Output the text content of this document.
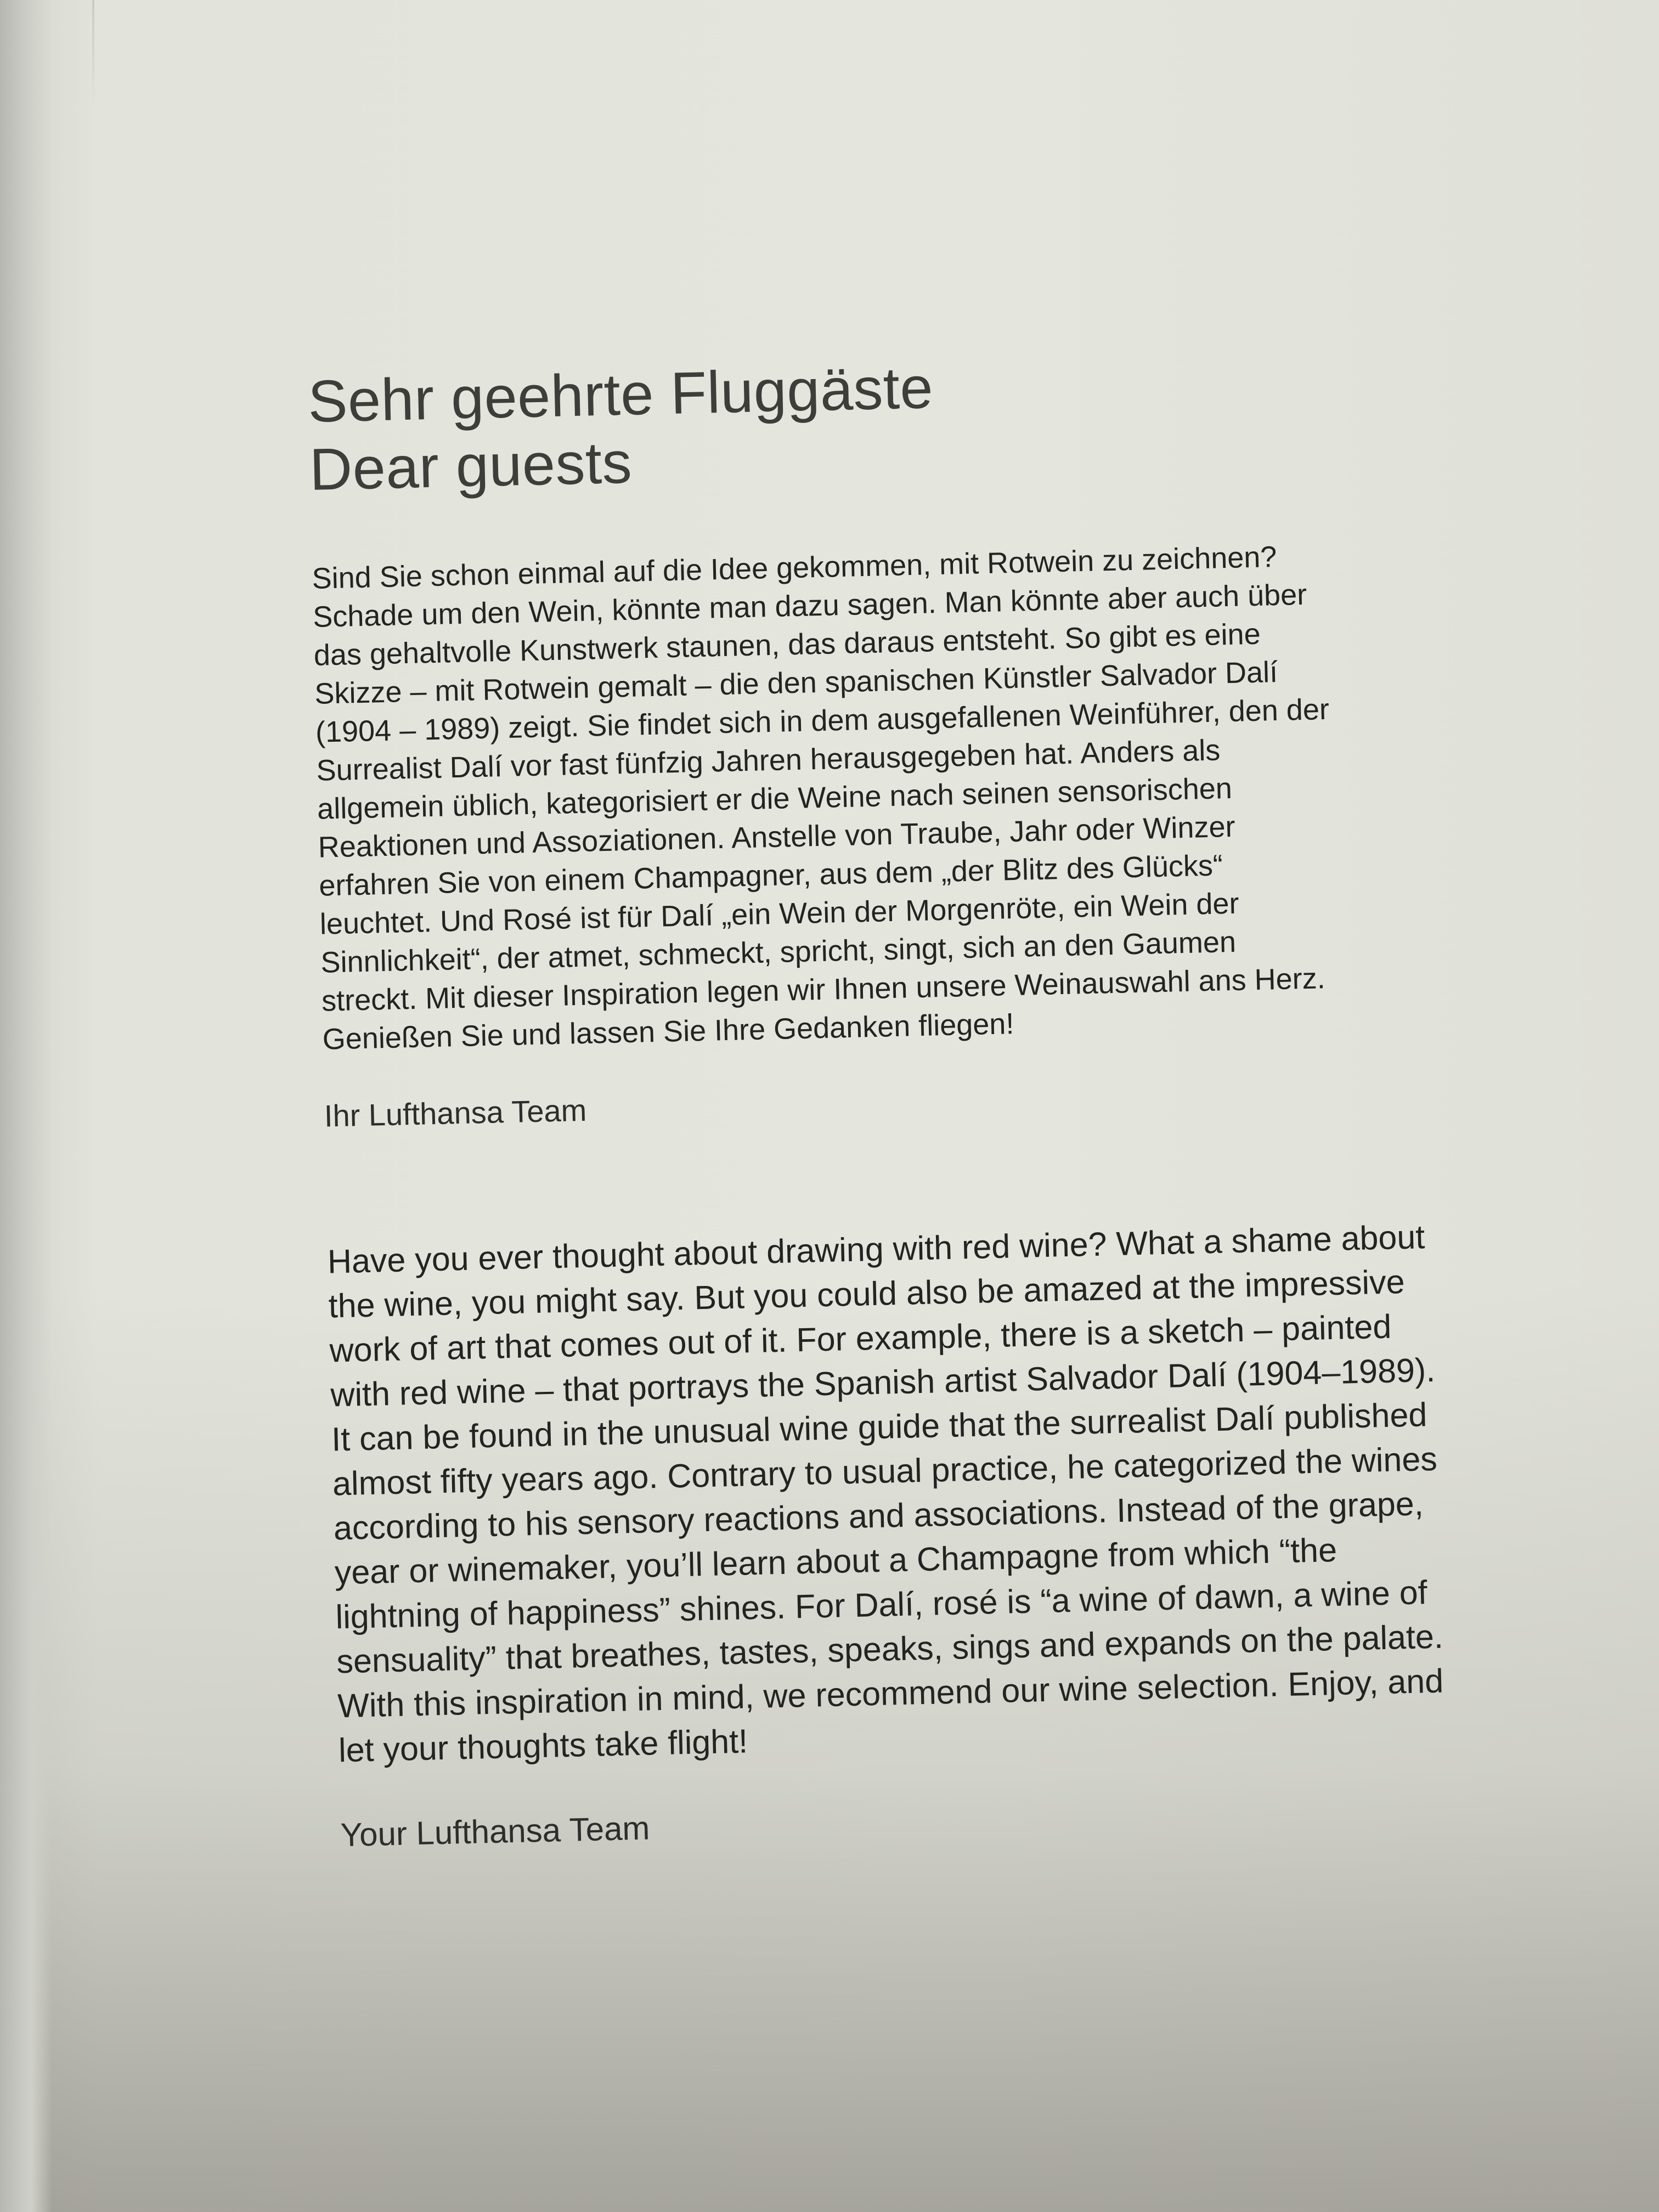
Sehr geehrte Fluggäste
Dear guests

Sind Sie schon einmal auf die Idee gekommen, mit Rotwein zu zeichnen? Schade um den Wein, könnte man dazu sagen. Man könnte aber auch über das gehaltvolle Kunstwerk staunen, das daraus entsteht. So gibt es eine Skizze – mit Rotwein gemalt – die den spanischen Künstler Salvador Dalí (1904 – 1989) zeigt. Sie findet sich in dem ausgefallenen Weinführer, den der Surrealist Dalí vor fast fünfzig Jahren herausgegeben hat. Anders als allgemein üblich, kategorisiert er die Weine nach seinen sensorischen Reaktionen und Assoziationen. Anstelle von Traube, Jahr oder Winzer erfahren Sie von einem Champagner, aus dem „der Blitz des Glücks“ leuchtet. Und Rosé ist für Dalí „ein Wein der Morgenröte, ein Wein der Sinnlichkeit“, der atmet, schmeckt, spricht, singt, sich an den Gaumen streckt. Mit dieser Inspiration legen wir Ihnen unsere Weinauswahl ans Herz. Genießen Sie und lassen Sie Ihre Gedanken fliegen!

Ihr Lufthansa Team

Have you ever thought about drawing with red wine? What a shame about the wine, you might say. But you could also be amazed at the impressive work of art that comes out of it. For example, there is a sketch – painted with red wine – that portrays the Spanish artist Salvador Dalí (1904–1989). It can be found in the unusual wine guide that the surrealist Dalí published almost fifty years ago. Contrary to usual practice, he categorized the wines according to his sensory reactions and associations. Instead of the grape, year or winemaker, you’ll learn about a Champagne from which “the lightning of happiness” shines. For Dalí, rosé is “a wine of dawn, a wine of sensuality” that breathes, tastes, speaks, sings and expands on the palate. With this inspiration in mind, we recommend our wine selection. Enjoy, and let your thoughts take flight!

Your Lufthansa Team
